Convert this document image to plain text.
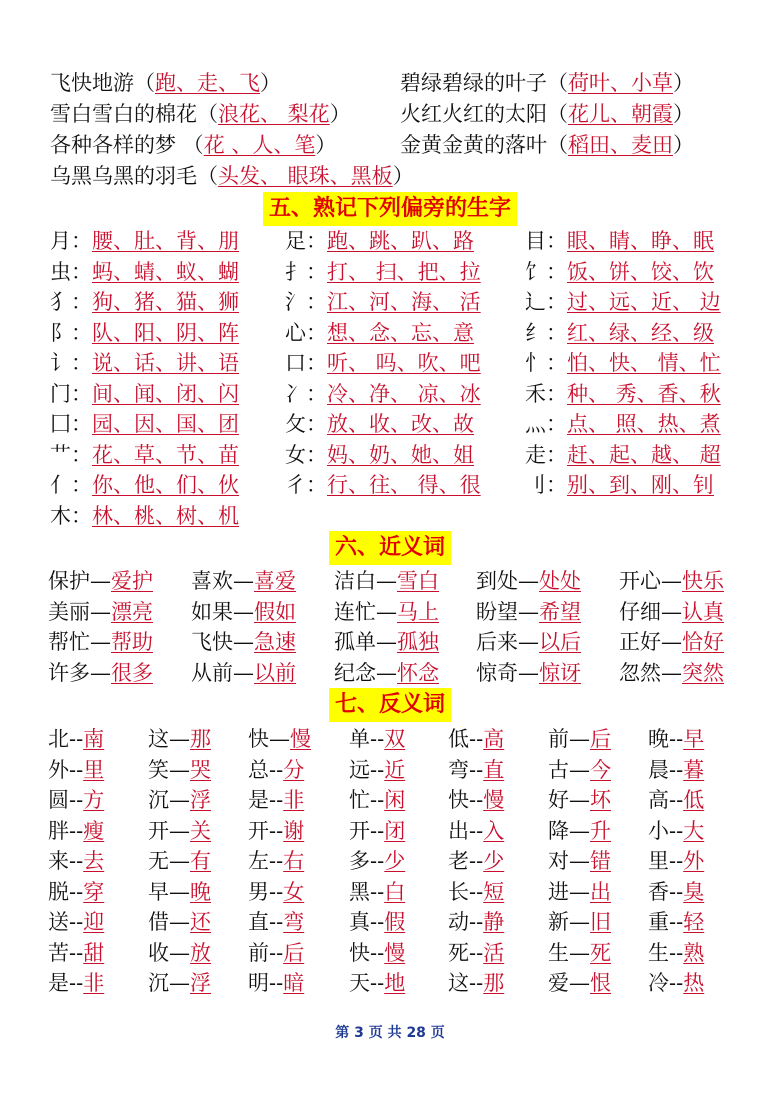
飞快地游（跑、走、飞）	碧绿碧绿的叶子（荷叶、小草）
雪白雪白的棉花（浪花、 梨花） 火红火红的太阳（花儿、朝霞）
各种各样的梦 （花 、人、笔）	金黄金黄的落叶（稻田、麦田）
乌黑乌黑的羽毛（头发、 眼珠、黑板）
五、熟记下列偏旁的生字
月：腰、肚、背、朋 足：跑、跳、趴、路 目：眼、睛、睁、眠
虫：蚂、蜻、蚁、蝴 扌：打、 扫、把、拉 饣：饭、饼、饺、饮
犭：狗、猪、猫、狮 氵：江、河、海、 活 辶：过、远、近、 边
阝：队、阳、阴、阵 心：想、念、忘、意 纟：红、绿、经、级
讠：说、话、讲、语 口：听、 吗、吹、吧 忄：怕、快、 情、忙
门：间、闻、闭、闪 冫：冷、净、 凉、冰 禾：种、 秀、香、秋
囗：园、因、国、团 攵：放、收、改、故 灬：点、 照、热、煮
艹：花、草、节、苗 女：妈、奶、她、姐 走：赶、起、越、 超
亻：你、他、们、伙 彳：行、往、 得、很 刂：别、到、刚、钊
木：林、桃、树、机
六、近义词
保护—爱护 喜欢—喜爱 洁白—雪白 到处—处处 开心—快乐
美丽—漂亮 如果—假如 连忙—马上 盼望—希望 仔细—认真
帮忙—帮助 飞快—急速 孤单—孤独 后来—以后 正好—恰好
许多—很多 从前—以前 纪念—怀念 惊奇—惊讶 忽然—突然
七、反义词
北--南 这—那 快—慢 单--双 低--高 前—后 晚--早
外--里 笑—哭 总--分 远--近 弯--直 古—今 晨--暮
圆--方 沉—浮 是--非 忙--闲 快--慢 好—坏 高--低
胖--瘦 开—关 开--谢 开--闭 出--入 降—升 小--大
来--去 无—有 左--右 多--少 老--少 对—错 里--外
脱--穿 早—晚 男--女 黑--白 长--短 进—出 香--臭
送--迎 借—还 直--弯 真--假 动--静 新—旧 重--轻
苦--甜 收—放 前--后 快--慢 死--活 生—死 生--熟
是--非 沉—浮 明--暗 天--地 这--那 爱—恨 冷--热
第 3 页 共 28 页
